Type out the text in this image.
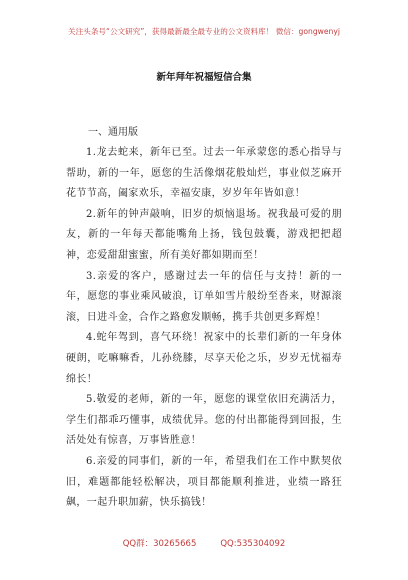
关注头条号“公文研究”，获得最新最全最专业的公文资料库！ 微信：gongwenyj
新年拜年祝福短信合集
一、通用版

1.龙去蛇来，新年已至。过去一年承蒙您的悉心指导与帮助，新的一年，愿您的生活像烟花般灿烂，事业似芝麻开花节节高，阖家欢乐，幸福安康，岁岁年年皆如意！

2.新年的钟声敲响，旧岁的烦恼退场。祝我最可爱的朋友，新的一年每天都能嘴角上扬，钱包鼓囊，游戏把把超神，恋爱甜甜蜜蜜，所有美好都如期而至！

3.亲爱的客户，感谢过去一年的信任与支持！新的一年，愿您的事业乘风破浪，订单如雪片般纷至沓来，财源滚滚，日进斗金，合作之路愈发顺畅，携手共创更多辉煌！

4.蛇年驾到，喜气环绕！祝家中的长辈们新的一年身体硬朗，吃嘛嘛香，儿孙绕膝，尽享天伦之乐，岁岁无忧福寿绵长！

5.敬爱的老师，新的一年，愿您的课堂依旧充满活力，学生们都乖巧懂事，成绩优异。您的付出都能得到回报，生活处处有惊喜，万事皆胜意！

6.亲爱的同事们，新的一年，希望我们在工作中默契依旧，难题都能轻松解决，项目都能顺利推进，业绩一路狂飙，一起升职加薪，快乐搞钱！

QQ群：30265665	QQ:535304092
